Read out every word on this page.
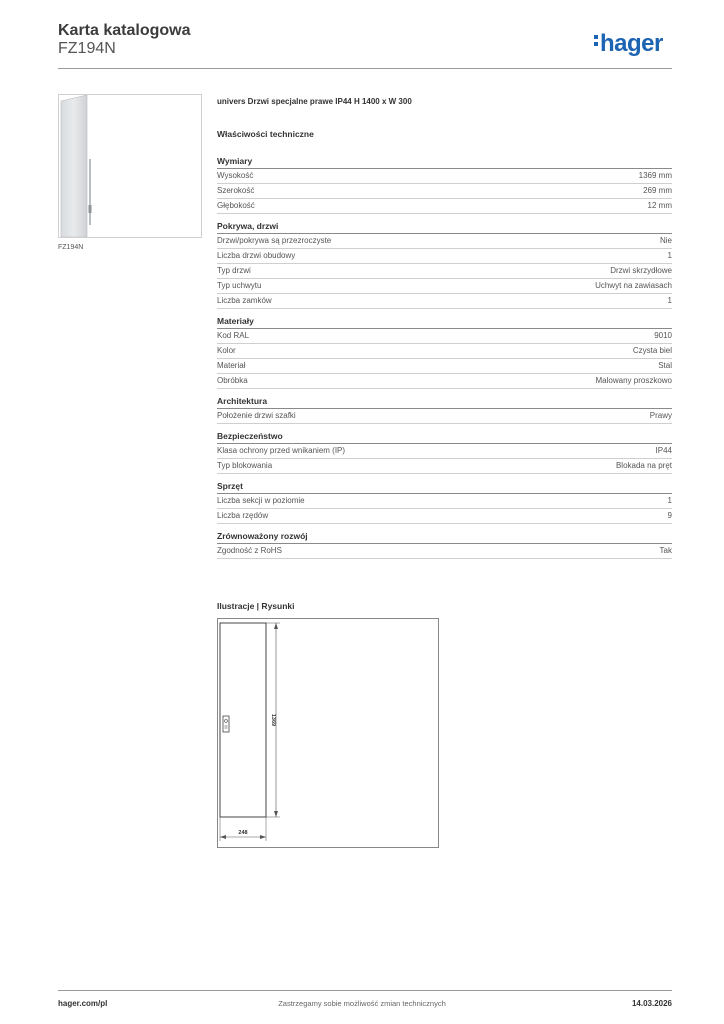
Karta katalogowa
FZ194N	hager
FZ194N
univers Drzwi specjalne prawe IP44 H 1400 x W 300
Właściwości techniczne
Wymiary
Wysokość	1369 mm
Szerokość	269 mm
Głębokość	12 mm
Pokrywa, drzwi
Drzwi/pokrywa są przezroczyste	Nie
Liczba drzwi obudowy	1
Typ drzwi	Drzwi skrzydłowe
Typ uchwytu	Uchwyt na zawiasach
Liczba zamków	1
Materiały
Kod RAL	9010
Kolor	Czysta biel
Materiał	Stal
Obróbka	Malowany proszkowo
Architektura
Położenie drzwi szafki	Prawy
Bezpieczeństwo
Klasa ochrony przed wnikaniem (IP)	IP44
Typ blokowania	Blokada na pręt
Sprzęt
Liczba sekcji w poziomie	1
Liczba rzędów	9
Zrównoważony rozwój
Zgodność z RoHS	Tak
Ilustracje | Rysunki
1369
248
hager.com/pl	Zastrzegamy sobie możliwość zmian technicznych	14.03.2026
